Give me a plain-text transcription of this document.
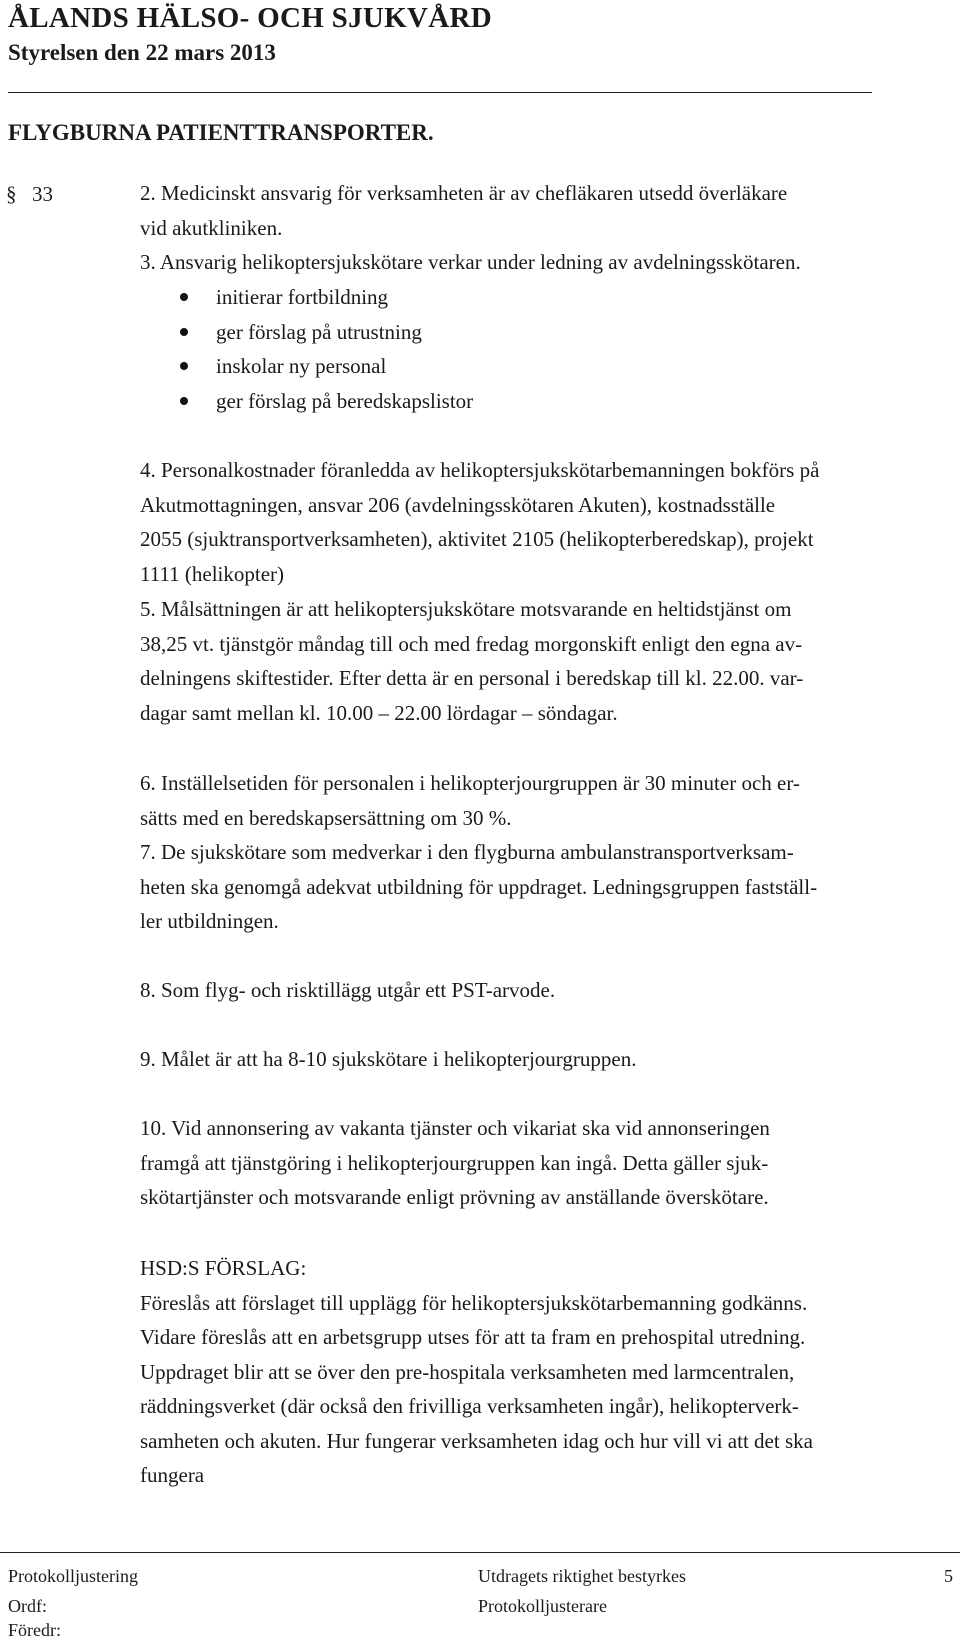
ÅLANDS HÄLSO- OCH SJUKVÅRD
Styrelsen den 22 mars 2013
FLYGBURNA PATIENTTRANSPORTER.
§ 33	2. Medicinskt ansvarig för verksamheten är av chefläkaren utsedd överläkare
vid akutkliniken.
3. Ansvarig helikoptersjukskötare verkar under ledning av avdelningsskötaren.

initierar fortbildning
ger förslag på utrustning
inskolar ny personal
ger förslag på beredskapslistor

4. Personalkostnader föranledda av helikoptersjukskötarbemanningen bokförs på
Akutmottagningen, ansvar 206 (avdelningsskötaren Akuten), kostnadsställe
2055 (sjuktransportverksamheten), aktivitet 2105 (helikopterberedskap), projekt
1111 (helikopter)

5. Målsättningen är att helikoptersjukskötare motsvarande en heltidstjänst om
38,25 vt. tjänstgör måndag till och med fredag morgonskift enligt den egna av-
delningens skiftestider. Efter detta är en personal i beredskap till kl. 22.00. var-
dagar samt mellan kl. 10.00 – 22.00 lördagar – söndagar.

6. Inställelsetiden för personalen i helikopterjourgruppen är 30 minuter och er-
sätts med en beredskapsersättning om 30 %.
7. De sjukskötare som medverkar i den flygburna ambulanstransportverksam-
heten ska genomgå adekvat utbildning för uppdraget. Ledningsgruppen fastställ-
ler utbildningen.

8. Som flyg- och risktillägg utgår ett PST-arvode.

9. Målet är att ha 8-10 sjukskötare i helikopterjourgruppen.

10. Vid annonsering av vakanta tjänster och vikariat ska vid annonseringen
framgå att tjänstgöring i helikopterjourgruppen kan ingå. Detta gäller sjuk-
skötartjänster och motsvarande enligt prövning av anställande överskötare.

HSD:S FÖRSLAG:

Föreslås att förslaget till upplägg för helikoptersjukskötarbemanning godkänns.
Vidare föreslås att en arbetsgrupp utses för att ta fram en prehospital utredning.
Uppdraget blir att se över den pre-hospitala verksamheten med larmcentralen,
räddningsverket (där också den frivilliga verksamheten ingår), helikopterverk-
samheten och akuten. Hur fungerar verksamheten idag och hur vill vi att det ska
fungera

Protokolljustering	Utdragets riktighet bestyrkes	5
Ordf:	Protokolljusterare
Föredr:
